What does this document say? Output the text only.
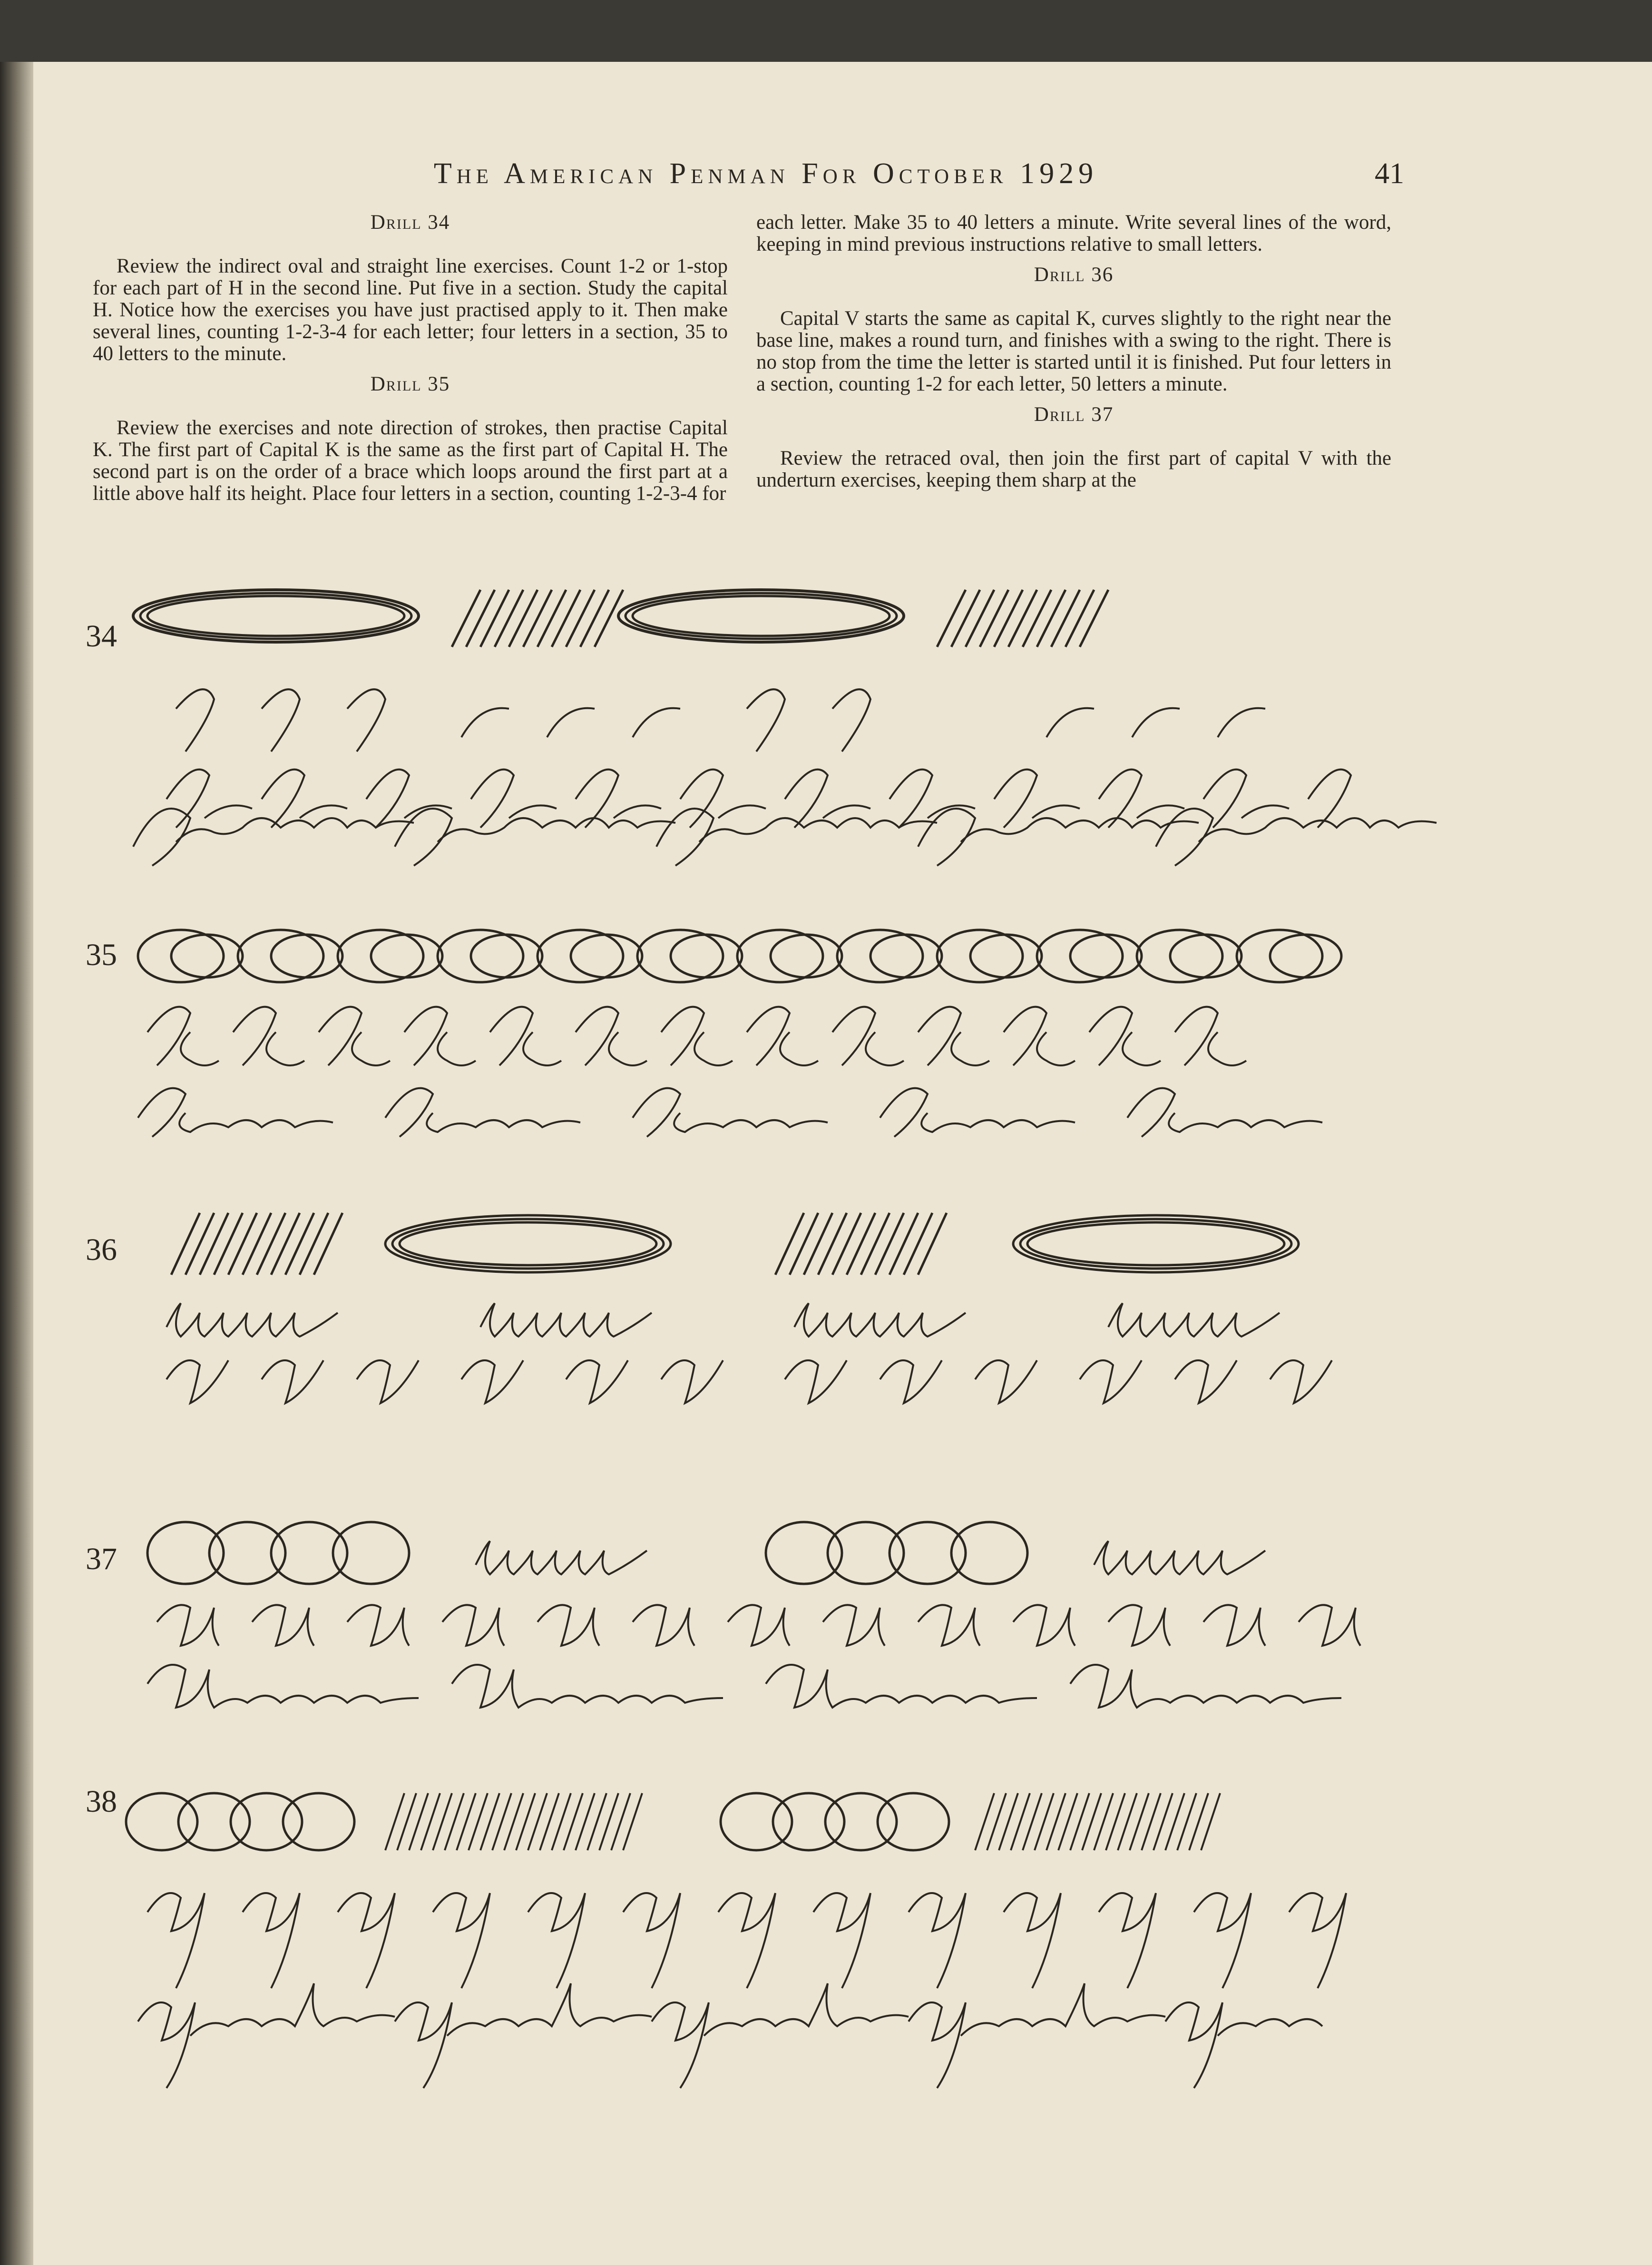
The American Penman For October 1929	41
Drill 34

Review the indirect oval and straight line exercises. Count 1-2 or 1-stop for each part of H in the second line. Put five in a section. Study the capital H. Notice how the exercises you have just practised apply to it. Then make several lines, counting 1-2-3-4 for each letter; four letters in a section, 35 to 40 letters to the minute.

Drill 35

Review the exercises and note direction of strokes, then practise Capital K. The first part of Capital K is the same as the first part of Capital H. The second part is on the order of a brace which loops around the first part at a little above half its height. Place four letters in a section, counting 1-2-3-4 for

each letter. Make 35 to 40 letters a minute. Write several lines of the word, keeping in mind previous instructions relative to small letters.

Drill 36

Capital V starts the same as capital K, curves slightly to the right near the base line, makes a round turn, and finishes with a swing to the right. There is no stop from the time the letter is started until it is finished. Put four letters in a section, counting 1-2 for each letter, 50 letters a minute.

Drill 37

Review the retraced oval, then join the first part of capital V with the underturn exercises, keeping them sharp at the

34
35
36
37
38
